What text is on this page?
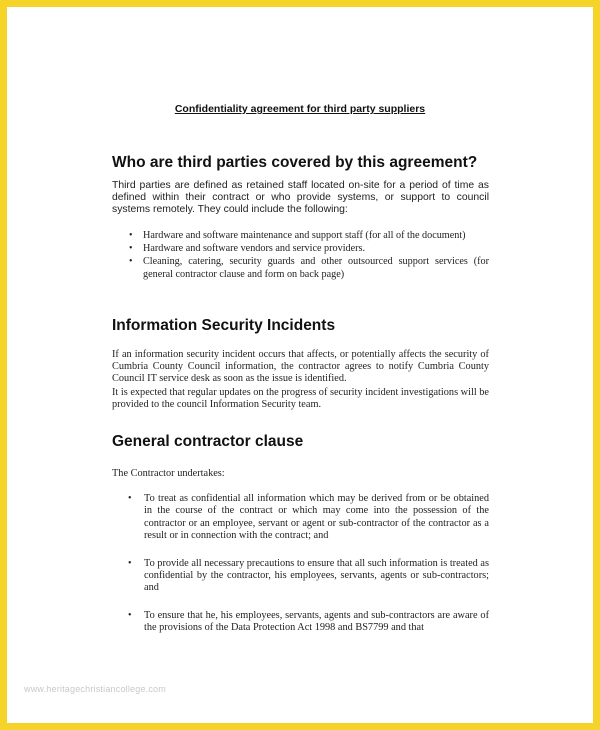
Confidentiality agreement for third party suppliers

Who are third parties covered by this agreement?

Third parties are defined as retained staff located on-site for a period of time as defined within their contract or who provide systems, or support to council systems remotely. They could include the following:

• Hardware and software maintenance and support staff (for all of the document)
• Hardware and software vendors and service providers.
• Cleaning, catering, security guards and other outsourced support services (for general contractor clause and form on back page)
Information Security Incidents

If an information security incident occurs that affects, or potentially affects the security of Cumbria County Council information, the contractor agrees to notify Cumbria County Council IT service desk as soon as the issue is identified.

It is expected that regular updates on the progress of security incident investigations will be provided to the council Information Security team.

General contractor clause

The Contractor undertakes:

• To treat as confidential all information which may be derived from or be obtained in the course of the contract or which may come into the possession of the contractor or an employee, servant or agent or sub-contractor of the contractor as a result or in connection with the contract; and
• To provide all necessary precautions to ensure that all such information is treated as confidential by the contractor, his employees, servants, agents or sub-contractors; and
• To ensure that he, his employees, servants, agents and sub-contractors are aware of the provisions of the Data Protection Act 1998 and BS7799 and that
www.heritagechristiancollege.com
